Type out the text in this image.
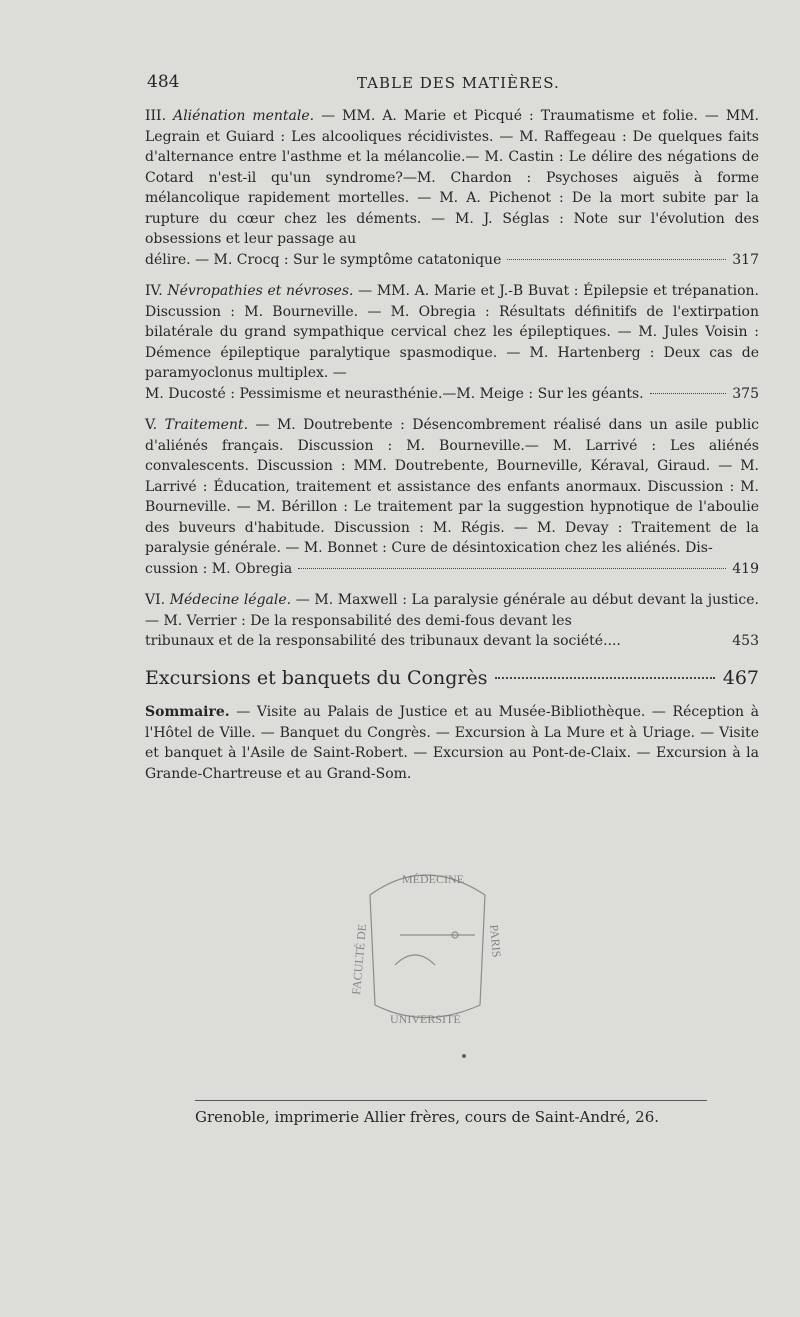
484	TABLE DES MATIÈRES.
III. Aliénation mentale. — MM. A. Marie et Picqué : Traumatisme et folie. — MM. Legrain et Guiard : Les alcooliques récidivistes. — M. Raffegeau : De quelques faits d'alternance entre l'asthme et la mélancolie.— M. Castin : Le délire des négations de Cotard n'est-il qu'un syndrome?—M. Chardon : Psychoses aiguës à forme mélancolique rapidement mortelles. — M. A. Pichenot : De la mort subite par la rupture du cœur chez les déments. — M. J. Séglas : Note sur l'évolution des obsessions et leur passage au
délire. — M. Crocq : Sur le symptôme catatonique	317
IV. Névropathies et névroses. — MM. A. Marie et J.-B Buvat : Épilepsie et trépanation. Discussion : M. Bourneville. — M. Obregia : Résultats définitifs de l'extirpation bilatérale du grand sympathique cervical chez les épileptiques. — M. Jules Voisin : Démence épileptique paralytique spasmodique. — M. Hartenberg : Deux cas de paramyoclonus multiplex. —
M. Ducosté : Pessimisme et neurasthénie.—M. Meige : Sur les géants.	375
V. Traitement. — M. Doutrebente : Désencombrement réalisé dans un asile public d'aliénés français. Discussion : M. Bourneville.— M. Larrivé : Les aliénés convalescents. Discussion : MM. Doutrebente, Bourneville, Kéraval, Giraud. — M. Larrivé : Éducation, traitement et assistance des enfants anormaux. Discussion : M. Bourneville. — M. Bérillon : Le traitement par la suggestion hypnotique de l'aboulie des buveurs d'habitude. Discussion : M. Régis. — M. Devay : Traitement de la paralysie générale. — M. Bonnet : Cure de désintoxication chez les aliénés. Dis-
cussion : M. Obregia	419
VI. Médecine légale. — M. Maxwell : La paralysie générale au début devant la justice. — M. Verrier : De la responsabilité des demi-fous devant les
tribunaux et de la responsabilité des tribunaux devant la société....	453
Excursions et banquets du Congrès	467
Sommaire. — Visite au Palais de Justice et au Musée-Bibliothèque. — Réception à l'Hôtel de Ville. — Banquet du Congrès. — Excursion à La Mure et à Uriage. — Visite et banquet à l'Asile de Saint-Robert. — Excursion au Pont-de-Claix. — Excursion à la Grande-Chartreuse et au Grand-Som.
MÉDECINE
FACULTÉ DE	PARIS
UNIVERSITÉ
Grenoble, imprimerie Allier frères, cours de Saint-André, 26.
